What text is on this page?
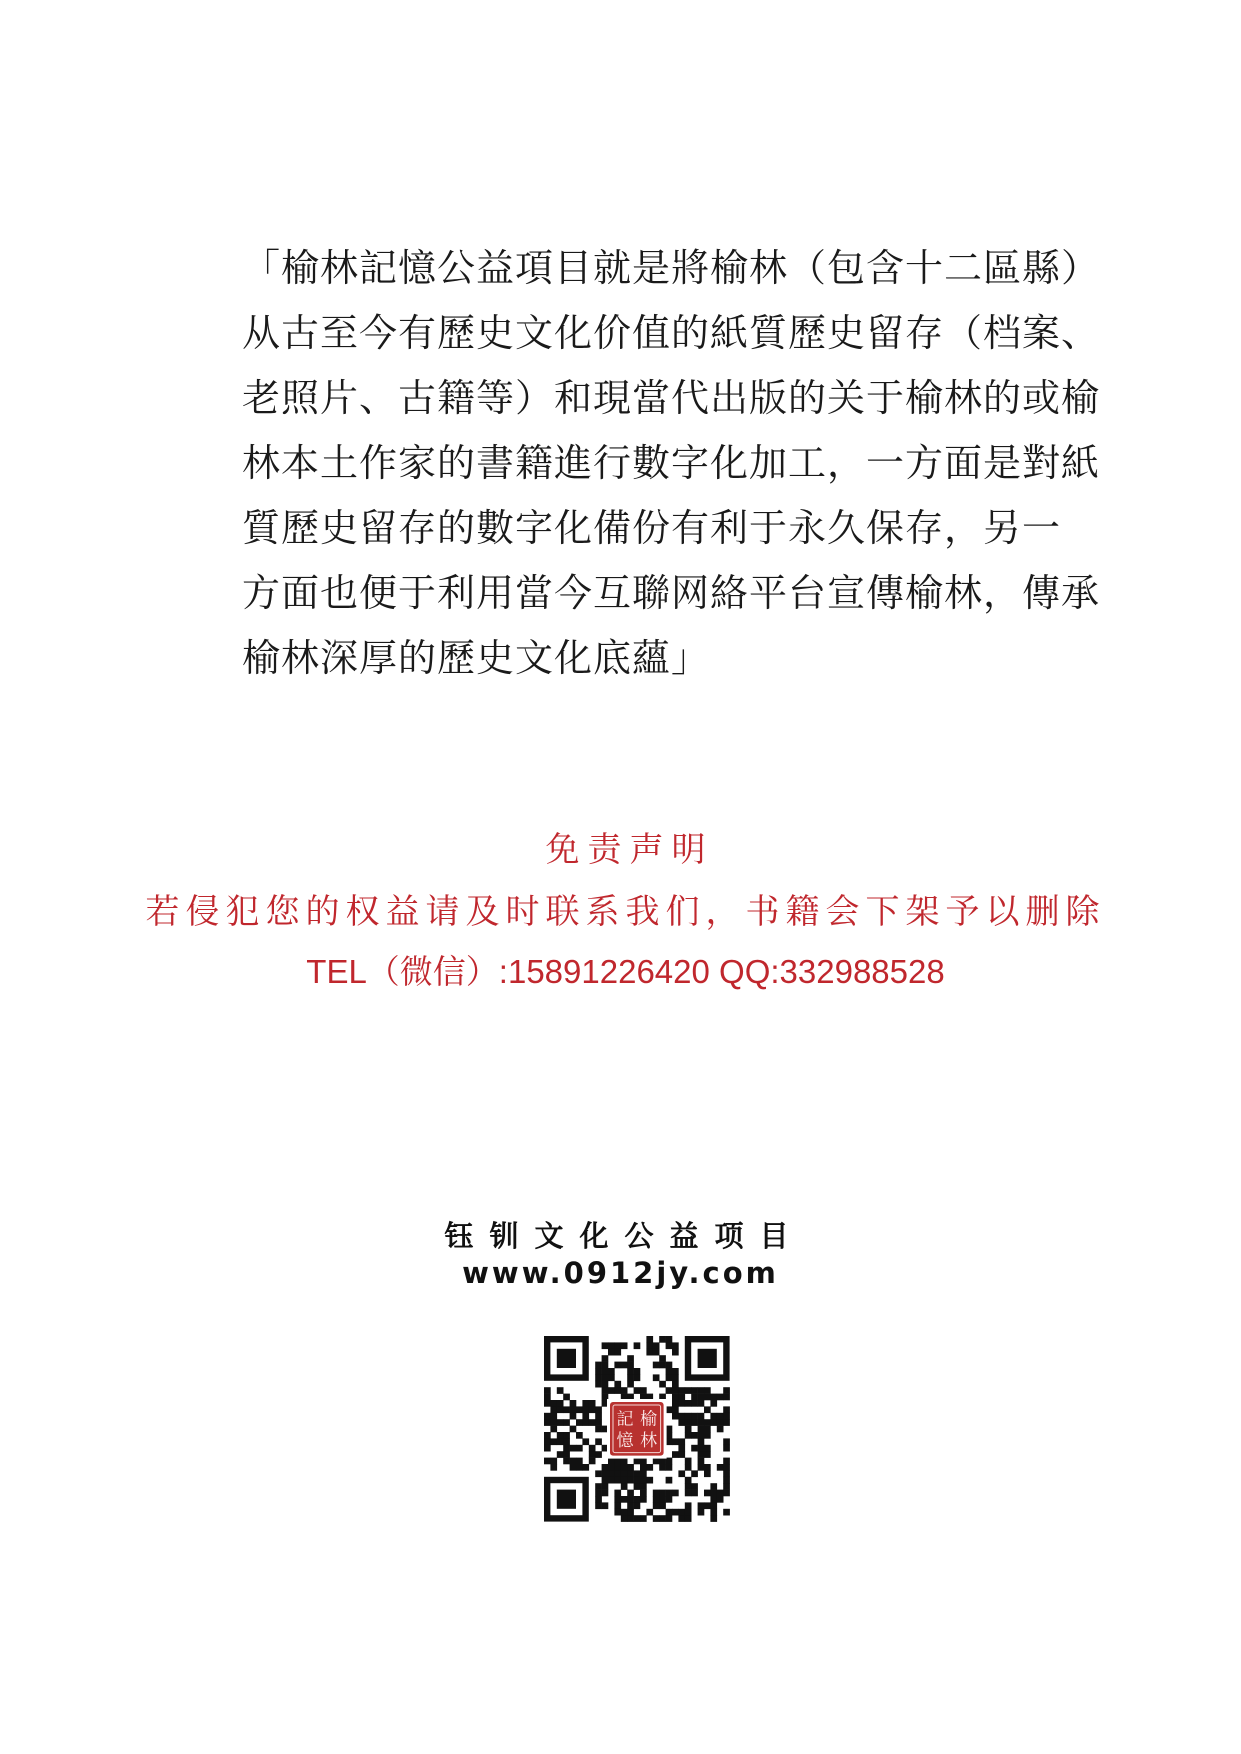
「榆林記憶公益項目就是將榆林（包含十二區縣）
从古至今有歷史文化价值的紙質歷史留存（档案、
老照片、古籍等）和現當代出版的关于榆林的或榆
林本土作家的書籍進行數字化加工，一方面是對紙
質歷史留存的數字化備份有利于永久保存，另一
方面也便于利用當今互聯网絡平台宣傳榆林，傳承
榆林深厚的歷史文化底蘊」
免责声明
若侵犯您的权益请及时联系我们，书籍会下架予以删除
TEL（微信）:15891226420 QQ:332988528
钰钏文化公益项目
www.0912jy.com
記
憶
榆
林
